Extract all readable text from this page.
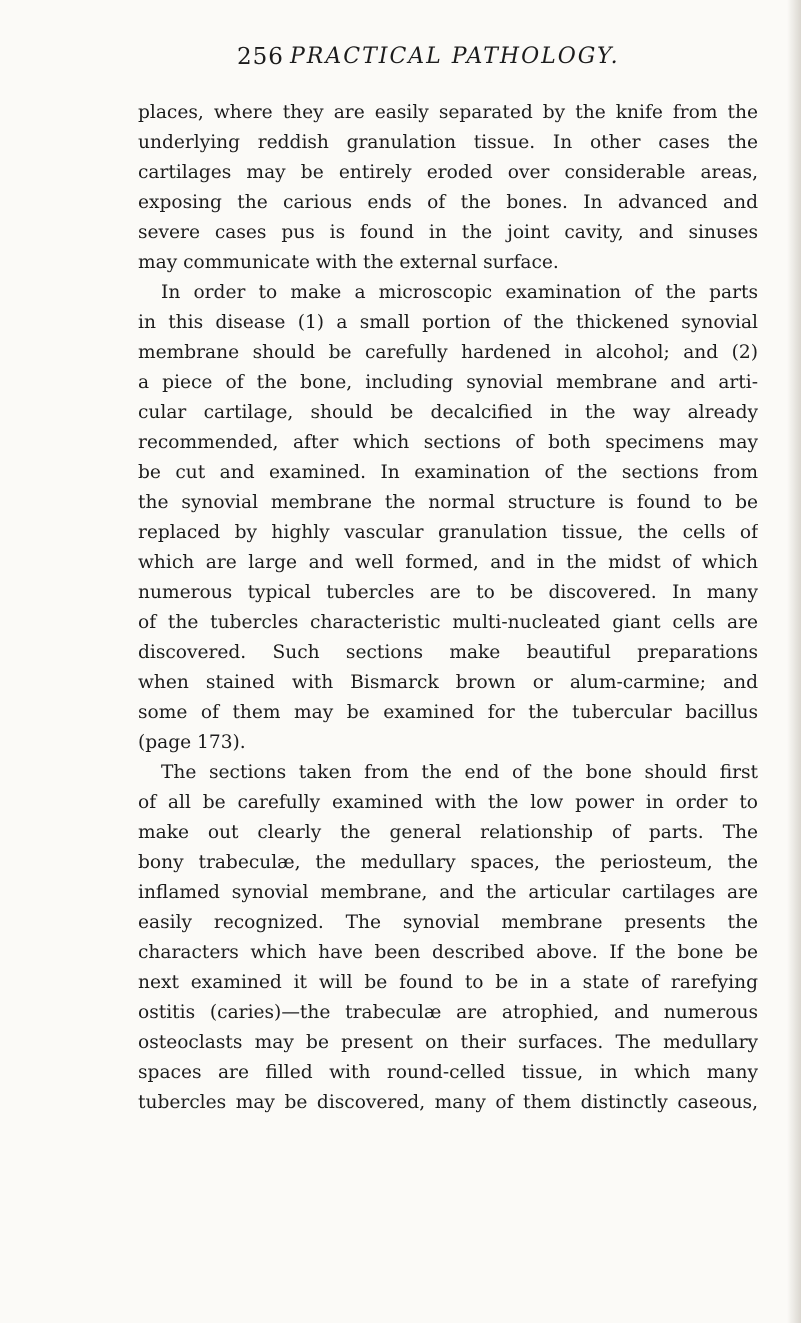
256 PRACTICAL PATHOLOGY.
places, where they are easily separated by the knife from the
underlying reddish granulation tissue. In other cases the
cartilages may be entirely eroded over considerable areas,
exposing the carious ends of the bones. In advanced and
severe cases pus is found in the joint cavity, and sinuses
may communicate with the external surface.
In order to make a microscopic examination of the parts
in this disease (1) a small portion of the thickened synovial
membrane should be carefully hardened in alcohol; and (2)
a piece of the bone, including synovial membrane and arti-
cular cartilage, should be decalcified in the way already
recommended, after which sections of both specimens may
be cut and examined. In examination of the sections from
the synovial membrane the normal structure is found to be
replaced by highly vascular granulation tissue, the cells of
which are large and well formed, and in the midst of which
numerous typical tubercles are to be discovered. In many
of the tubercles characteristic multi-nucleated giant cells are
discovered. Such sections make beautiful preparations
when stained with Bismarck brown or alum-carmine; and
some of them may be examined for the tubercular bacillus
(page 173).
The sections taken from the end of the bone should first
of all be carefully examined with the low power in order to
make out clearly the general relationship of parts. The
bony trabeculæ, the medullary spaces, the periosteum, the
inflamed synovial membrane, and the articular cartilages are
easily recognized. The synovial membrane presents the
characters which have been described above. If the bone be
next examined it will be found to be in a state of rarefying
ostitis (caries)—the trabeculæ are atrophied, and numerous
osteoclasts may be present on their surfaces. The medullary
spaces are filled with round-celled tissue, in which many
tubercles may be discovered, many of them distinctly caseous,
